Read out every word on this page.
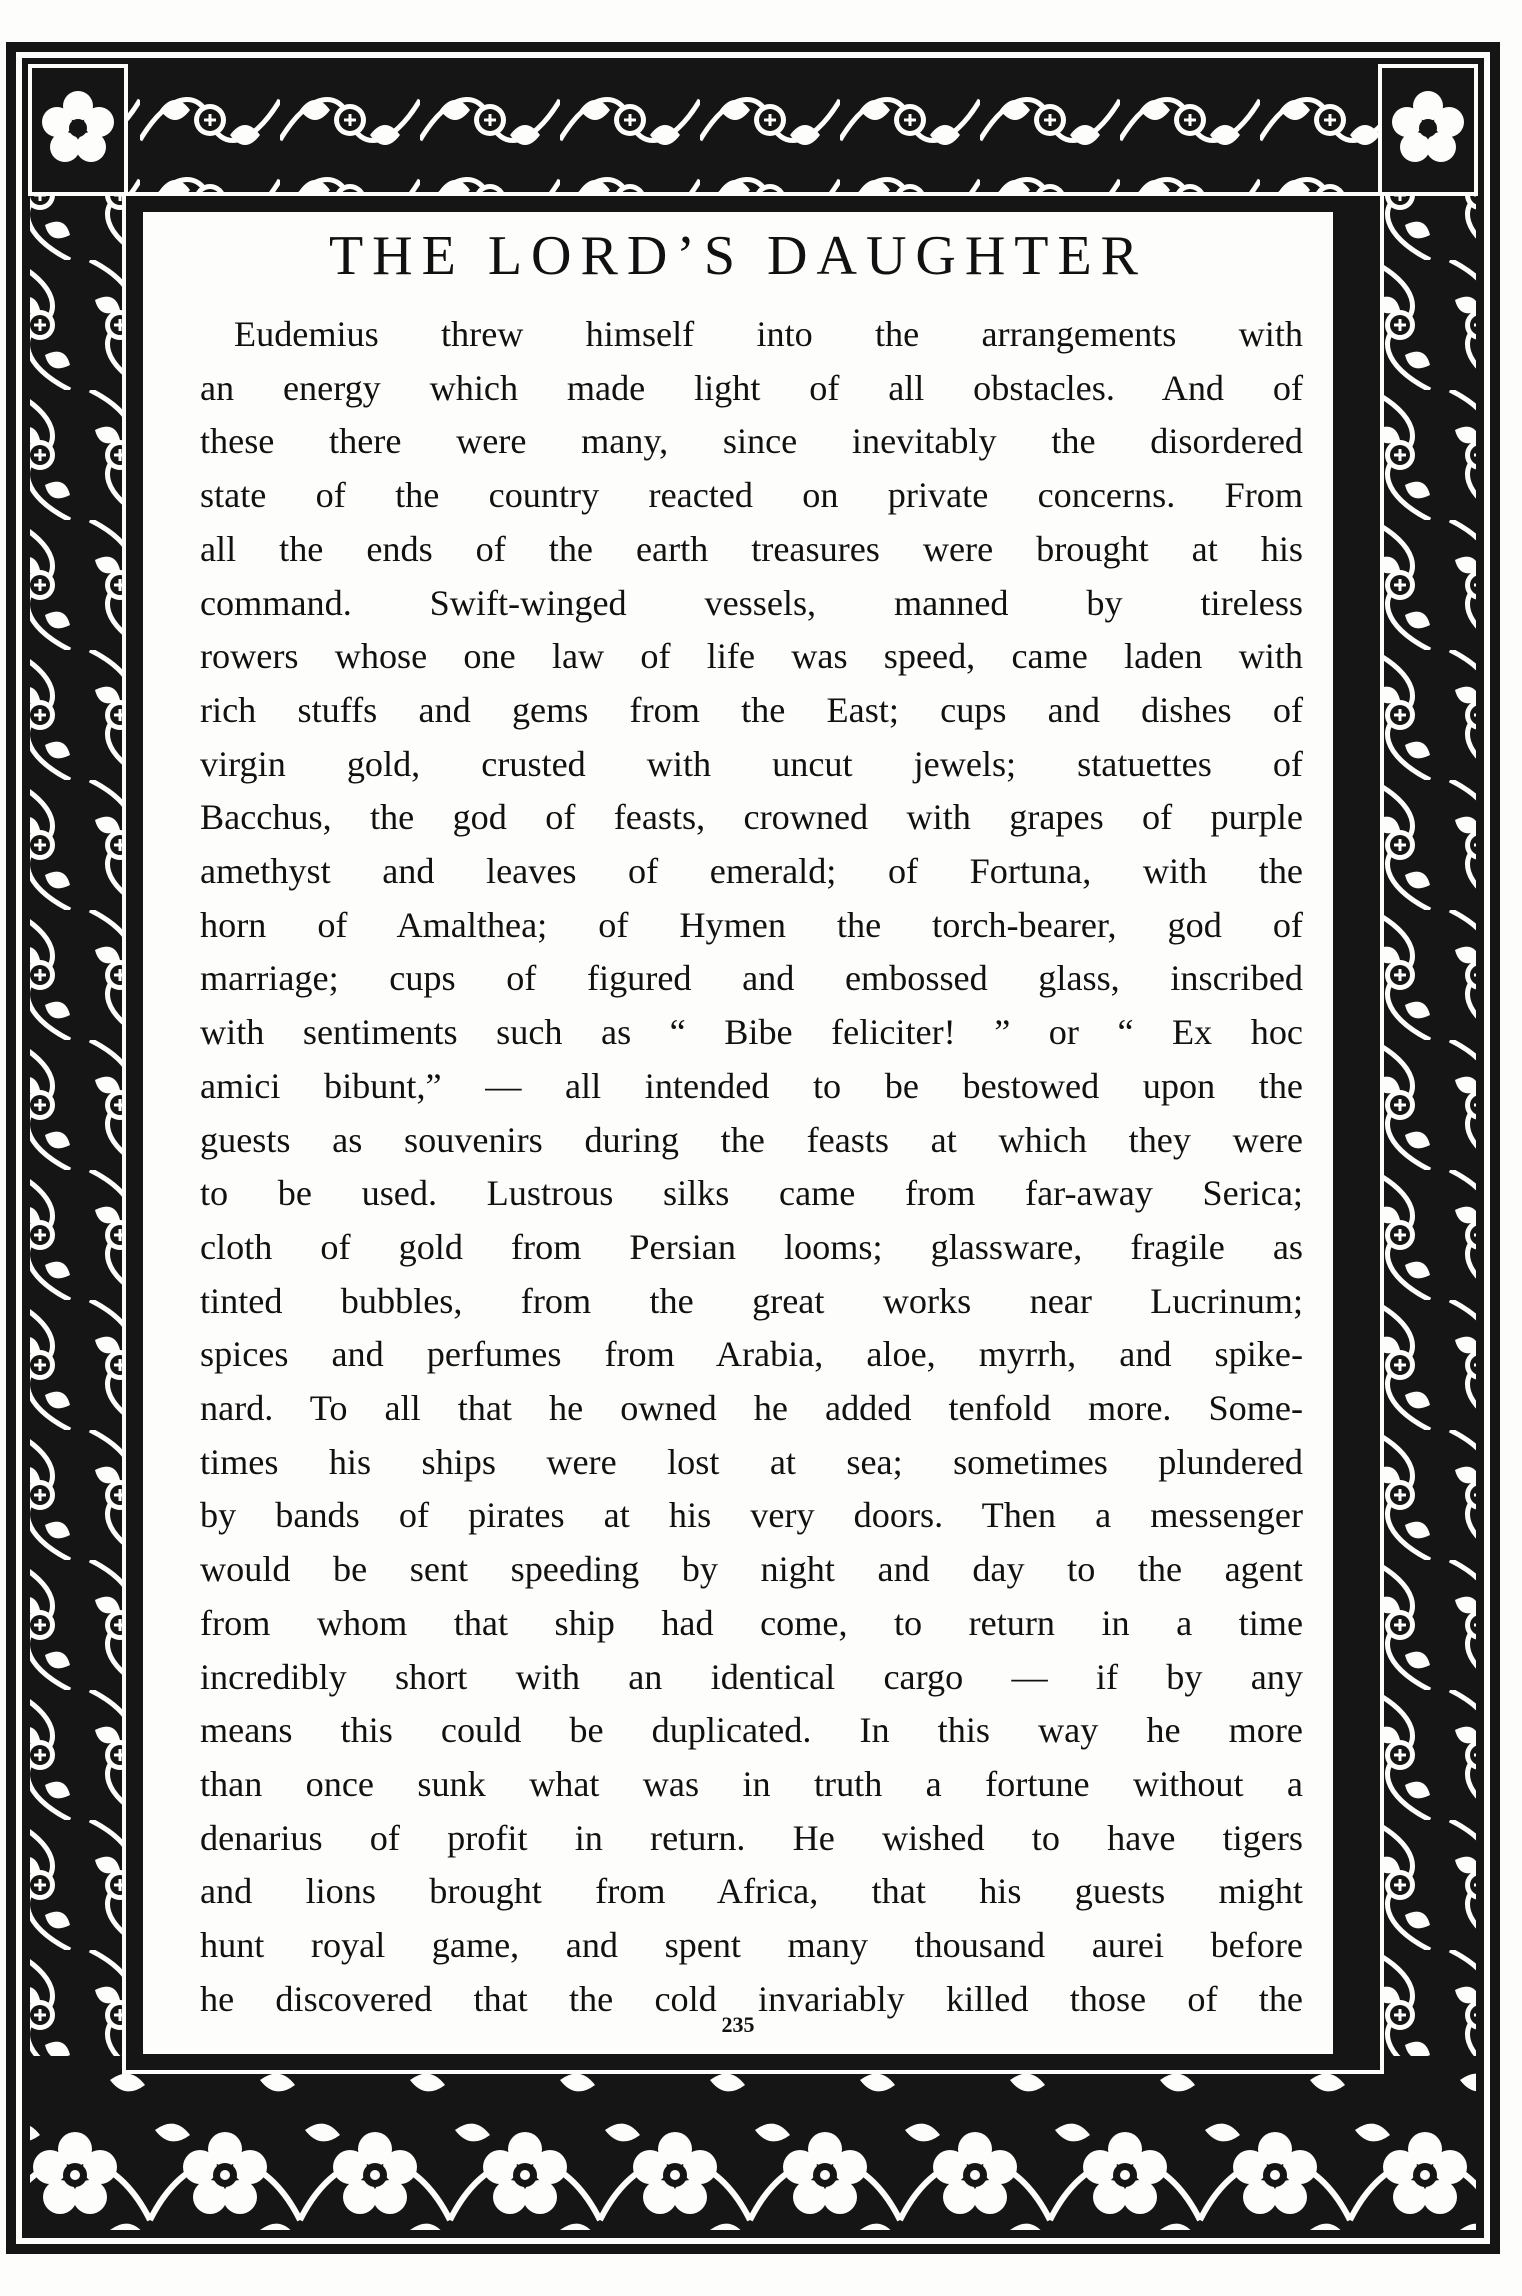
THE LORD’S DAUGHTER
Eudemius threw himself into the arrangements with
an energy which made light of all obstacles. And of
these there were many, since inevitably the disordered
state of the country reacted on private concerns. From
all the ends of the earth treasures were brought at his
command. Swift-winged vessels, manned by tireless
rowers whose one law of life was speed, came laden with
rich stuffs and gems from the East; cups and dishes of
virgin gold, crusted with uncut jewels; statuettes of
Bacchus, the god of feasts, crowned with grapes of purple
amethyst and leaves of emerald; of Fortuna, with the
horn of Amalthea; of Hymen the torch-bearer, god of
marriage; cups of figured and embossed glass, inscribed
with sentiments such as “ Bibe feliciter! ” or “ Ex hoc
amici bibunt,” — all intended to be bestowed upon the
guests as souvenirs during the feasts at which they were
to be used. Lustrous silks came from far-away Serica;
cloth of gold from Persian looms; glassware, fragile as
tinted bubbles, from the great works near Lucrinum;
spices and perfumes from Arabia, aloe, myrrh, and spike-
nard. To all that he owned he added tenfold more. Some-
times his ships were lost at sea; sometimes plundered
by bands of pirates at his very doors. Then a messenger
would be sent speeding by night and day to the agent
from whom that ship had come, to return in a time
incredibly short with an identical cargo — if by any
means this could be duplicated. In this way he more
than once sunk what was in truth a fortune without a
denarius of profit in return. He wished to have tigers
and lions brought from Africa, that his guests might
hunt royal game, and spent many thousand aurei before
he discovered that the cold invariably killed those of the
235
